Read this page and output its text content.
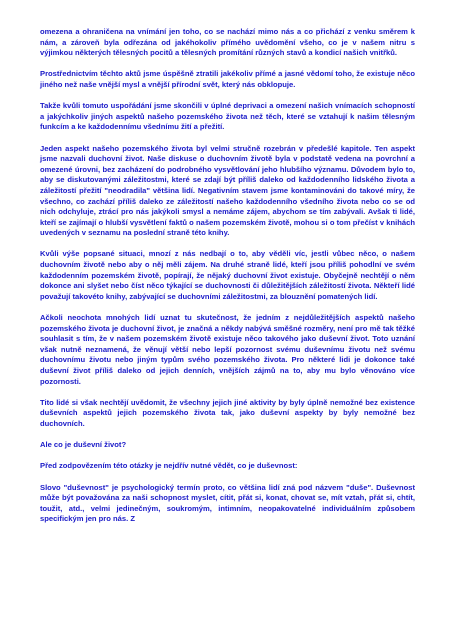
omezena a ohraničena na vnímání jen toho, co se nachází mimo nás a co přichází z venku směrem k nám, a zároveň byla odřezána od jakéhokoliv přímého uvědomění všeho, co je v našem nitru s výjimkou některých tělesných pocitů a tělesných promítání různých stavů a kondicí našich vnitřků.

Prostřednictvím těchto aktů jsme úspěšně ztratili jakékoliv přímé a jasné vědomí toho, že existuje něco jiného než naše vnější mysl a vnější přírodní svět, který nás obklopuje.

Takže kvůli tomuto uspořádání jsme skončili v úplné deprivaci a omezení našich vnímacích schopností a jakýchkoliv jiných aspektů našeho pozemského života než těch, které se vztahují k našim tělesným funkcím a ke každodennímu všednímu žití a přežití.

Jeden aspekt našeho pozemského života byl velmi stručně rozebrán v předešlé kapitole. Ten aspekt jsme nazvali duchovní život. Naše diskuse o duchovním životě byla v podstatě vedena na povrchní a omezené úrovni, bez zacházení do podrobného vysvětlování jeho hlubšího významu. Důvodem bylo to, aby se diskutovanými záležitostmi, které se zdají být příliš daleko od každodenního lidského života a záležitostí přežití "neodradila" většina lidí. Negativním stavem jsme kontaminováni do takové míry, že všechno, co zachází příliš daleko ze záležitostí našeho každodenního všedního života nebo co se od nich odchyluje, ztrácí pro nás jakýkoli smysl a nemáme zájem, abychom se tím zabývali. Avšak ti lidé, kteří se zajímají o hlubší vysvětlení faktů o našem pozemském životě, mohou si o tom přečíst v knihách uvedených v seznamu na poslední straně této knihy.

Kvůli výše popsané situaci, mnozí z nás nedbají o to, aby věděli víc, jestli vůbec něco, o našem duchovním životě nebo aby o něj měli zájem. Na druhé straně lidé, kteří jsou příliš pohodlní ve svém každodenním pozemském životě, popírají, že nějaký duchovní život existuje. Obyčejně nechtějí o něm dokonce ani slyšet nebo číst něco týkající se duchovnosti či důležitějších záležitostí života. Někteří lidé považují takovéto knihy, zabývající se duchovními záležitostmi, za blouznění pomatených lidí.

Ačkoli neochota mnohých lidí uznat tu skutečnost, že jedním z nejdůležitějších aspektů našeho pozemského života je duchovní život, je značná a někdy nabývá směšné rozměry, není pro mě tak těžké souhlasit s tím, že v našem pozemském životě existuje něco takového jako duševní život. Toto uznání však nutně neznamená, že věnují větší nebo lepší pozornost svému duševnímu životu než svému duchovnímu životu nebo jiným typům svého pozemského života. Pro některé lidi je dokonce také duševní život příliš daleko od jejich denních, vnějších zájmů na to, aby mu bylo věnováno více pozornosti.

Tito lidé si však nechtějí uvědomit, že všechny jejich jiné aktivity by byly úplně nemožné bez existence duševních aspektů jejich pozemského života tak, jako duševní aspekty by byly nemožné bez duchovních.

Ale co je duševní život?

Před zodpovězením této otázky je nejdřív nutné vědět, co je duševnost:

Slovo "duševnost" je psychologický termín proto, co většina lidí zná pod názvem "duše". Duševnost může být považována za naši schopnost myslet, cítit, přát si, konat, chovat se, mít vztah, přát si, chtít, toužit, atd., velmi jedinečným, soukromým, intimním, neopakovatelné individuálním způsobem specifickým jen pro nás. Z
